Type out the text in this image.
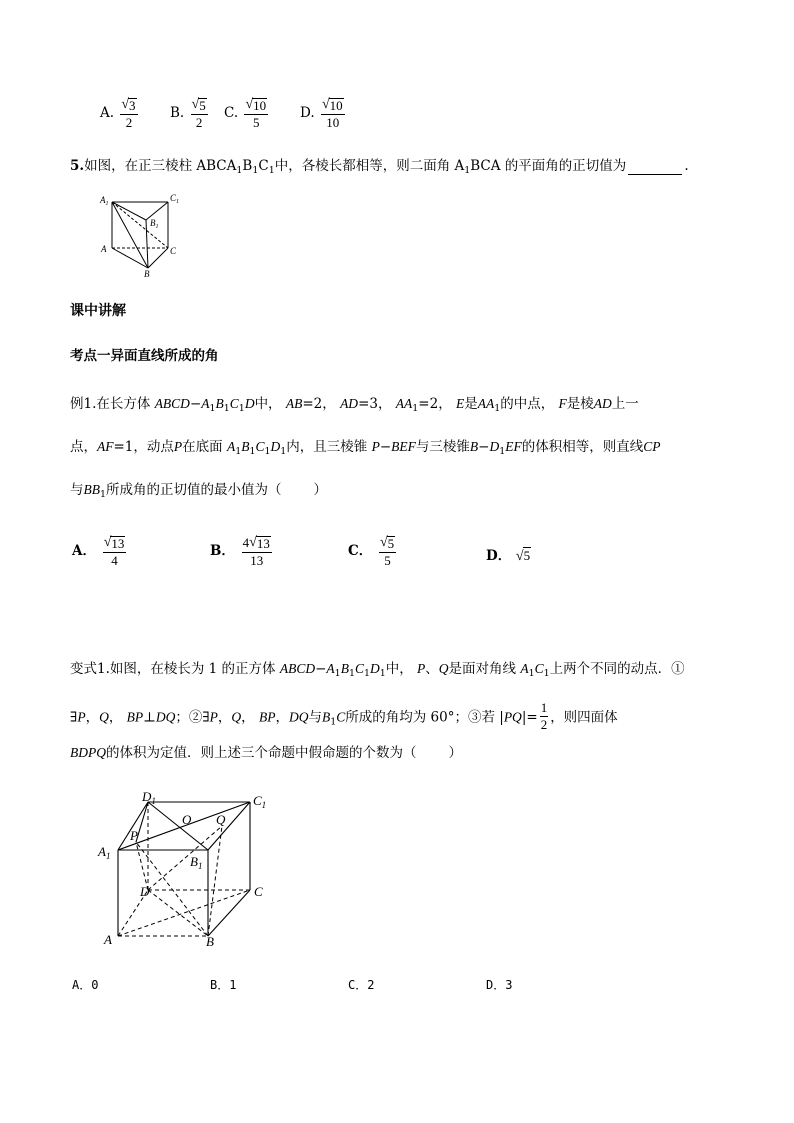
A. $\frac{√ 3}{2} B$. $\frac{√ 5}{2} C$. $\frac{√ 10}{5} D$. $\frac{√ 10}{10}$
5.如图，在正三棱柱 $ABCA_1B_1C_1$中，各棱长都相等，则二面角 $A_1BCA$ 的平面角的正切值为	.
$A_1$
$C_1$
$B_1$
A	C
B
课中讲解
考点一异面直线所成的角
例1.在长方体 $ABCD-A_1B_1C_1D$中， AB=2， AD=3， $AA_1=2$， E是$AA_1$的中点， F是棱AD上一
点，AF=1，动点P在底面 $A_1B_1C_1D_1$内，且三棱锥 P−BEF与三棱锥$B-D_1EF$的体积相等，则直线CP
与$BB_1$所成角的正切值的最小值为（ ）
A． $\frac{√ 13}{4}$	B． $\frac{4 √ 13}{13}$	C． $\frac{√ 5}{5}$	D． √5
变式1.如图，在棱长为 1 的正方体 $ABCD-A_1B_1C_1D_1$中， P、Q是面对角线 $A_1C_1$上两个不同的动点．①
∃P，Q， BP⊥DQ；②∃P，Q， BP，DQ与$B_1C$所成的角均为 60°；③若 $|PQ|= \frac{1}{2}$ ，则四面体
BDPQ的体积为定值．则上述三个命题中假命题的个数为（ ）
$D_1$	$C_1$
O Q
P
$A_1$	$B_1$
D	C
A	B
A．0	B．1	C．2	D．3
